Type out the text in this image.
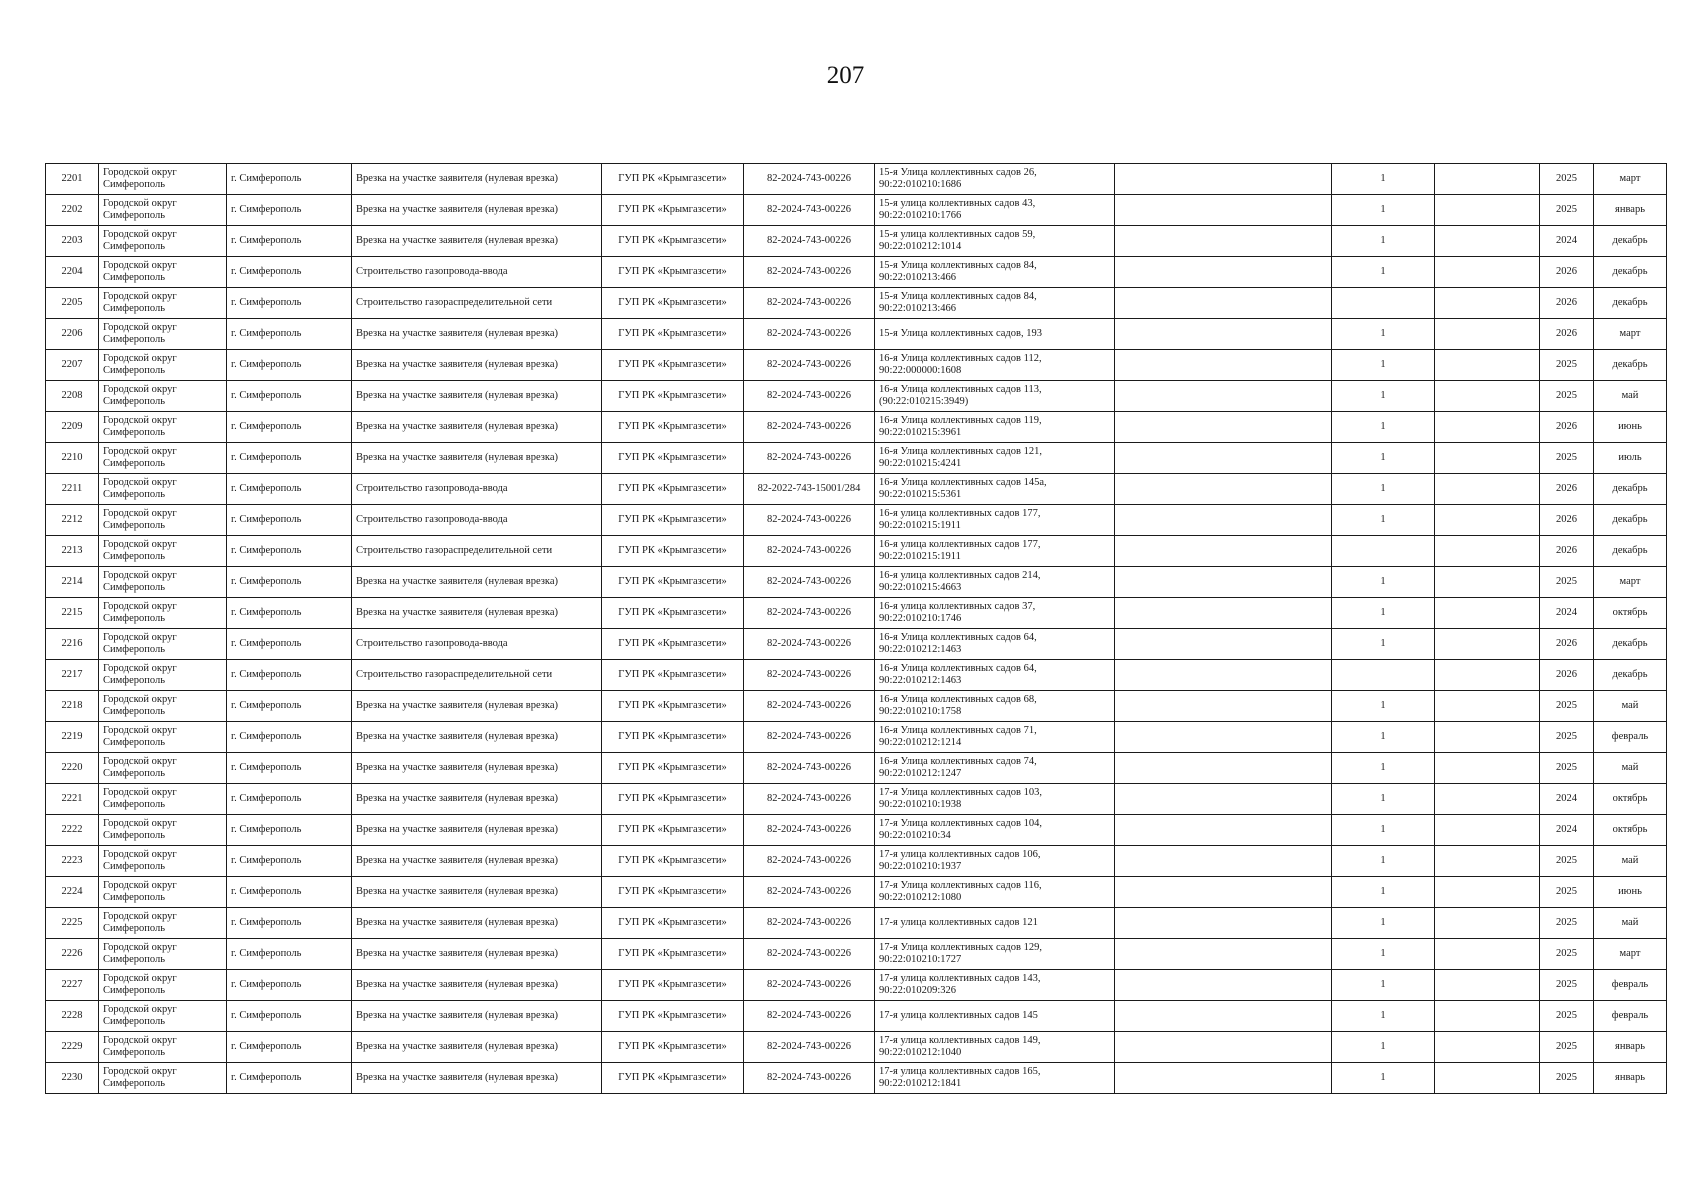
207
2201	Городской округ Симферополь	г. Симферополь	Врезка на участке заявителя (нулевая врезка)	ГУП РК «Крымгазсети»	82-2024-743-00226	15-я Улица коллективных садов 26, 90:22:010210:1686		1		2025	март
2202	Городской округ Симферополь	г. Симферополь	Врезка на участке заявителя (нулевая врезка)	ГУП РК «Крымгазсети»	82-2024-743-00226	15-я улица коллективных садов 43, 90:22:010210:1766		1		2025	январь
2203	Городской округ Симферополь	г. Симферополь	Врезка на участке заявителя (нулевая врезка)	ГУП РК «Крымгазсети»	82-2024-743-00226	15-я улица коллективных садов 59, 90:22:010212:1014		1		2024	декабрь
2204	Городской округ Симферополь	г. Симферополь	Строительство газопровода-ввода	ГУП РК «Крымгазсети»	82-2024-743-00226	15-я Улица коллективных садов 84, 90:22:010213:466		1		2026	декабрь
2205	Городской округ Симферополь	г. Симферополь	Строительство газораспределительной сети	ГУП РК «Крымгазсети»	82-2024-743-00226	15-я Улица коллективных садов 84, 90:22:010213:466				2026	декабрь
2206	Городской округ Симферополь	г. Симферополь	Врезка на участке заявителя (нулевая врезка)	ГУП РК «Крымгазсети»	82-2024-743-00226	15-я Улица коллективных садов, 193		1		2026	март
2207	Городской округ Симферополь	г. Симферополь	Врезка на участке заявителя (нулевая врезка)	ГУП РК «Крымгазсети»	82-2024-743-00226	16-я Улица коллективных садов 112, 90:22:000000:1608		1		2025	декабрь
2208	Городской округ Симферополь	г. Симферополь	Врезка на участке заявителя (нулевая врезка)	ГУП РК «Крымгазсети»	82-2024-743-00226	16-я Улица коллективных садов 113, (90:22:010215:3949)		1		2025	май
2209	Городской округ Симферополь	г. Симферополь	Врезка на участке заявителя (нулевая врезка)	ГУП РК «Крымгазсети»	82-2024-743-00226	16-я Улица коллективных садов 119, 90:22:010215:3961		1		2026	июнь
2210	Городской округ Симферополь	г. Симферополь	Врезка на участке заявителя (нулевая врезка)	ГУП РК «Крымгазсети»	82-2024-743-00226	16-я Улица коллективных садов 121, 90:22:010215:4241		1		2025	июль
2211	Городской округ Симферополь	г. Симферополь	Строительство газопровода-ввода	ГУП РК «Крымгазсети»	82-2022-743-15001/284	16-я Улица коллективных садов 145а, 90:22:010215:5361		1		2026	декабрь
2212	Городской округ Симферополь	г. Симферополь	Строительство газопровода-ввода	ГУП РК «Крымгазсети»	82-2024-743-00226	16-я улица коллективных садов 177, 90:22:010215:1911		1		2026	декабрь
2213	Городской округ Симферополь	г. Симферополь	Строительство газораспределительной сети	ГУП РК «Крымгазсети»	82-2024-743-00226	16-я улица коллективных садов 177, 90:22:010215:1911				2026	декабрь
2214	Городской округ Симферополь	г. Симферополь	Врезка на участке заявителя (нулевая врезка)	ГУП РК «Крымгазсети»	82-2024-743-00226	16-я улица коллективных садов 214, 90:22:010215:4663		1		2025	март
2215	Городской округ Симферополь	г. Симферополь	Врезка на участке заявителя (нулевая врезка)	ГУП РК «Крымгазсети»	82-2024-743-00226	16-я улица коллективных садов 37, 90:22:010210:1746		1		2024	октябрь
2216	Городской округ Симферополь	г. Симферополь	Строительство газопровода-ввода	ГУП РК «Крымгазсети»	82-2024-743-00226	16-я Улица коллективных садов 64, 90:22:010212:1463		1		2026	декабрь
2217	Городской округ Симферополь	г. Симферополь	Строительство газораспределительной сети	ГУП РК «Крымгазсети»	82-2024-743-00226	16-я Улица коллективных садов 64, 90:22:010212:1463				2026	декабрь
2218	Городской округ Симферополь	г. Симферополь	Врезка на участке заявителя (нулевая врезка)	ГУП РК «Крымгазсети»	82-2024-743-00226	16-я Улица коллективных садов 68, 90:22:010210:1758		1		2025	май
2219	Городской округ Симферополь	г. Симферополь	Врезка на участке заявителя (нулевая врезка)	ГУП РК «Крымгазсети»	82-2024-743-00226	16-я Улица коллективных садов 71, 90:22:010212:1214		1		2025	февраль
2220	Городской округ Симферополь	г. Симферополь	Врезка на участке заявителя (нулевая врезка)	ГУП РК «Крымгазсети»	82-2024-743-00226	16-я Улица коллективных садов 74, 90:22:010212:1247		1		2025	май
2221	Городской округ Симферополь	г. Симферополь	Врезка на участке заявителя (нулевая врезка)	ГУП РК «Крымгазсети»	82-2024-743-00226	17-я Улица коллективных садов 103, 90:22:010210:1938		1		2024	октябрь
2222	Городской округ Симферополь	г. Симферополь	Врезка на участке заявителя (нулевая врезка)	ГУП РК «Крымгазсети»	82-2024-743-00226	17-я Улица коллективных садов 104, 90:22:010210:34		1		2024	октябрь
2223	Городской округ Симферополь	г. Симферополь	Врезка на участке заявителя (нулевая врезка)	ГУП РК «Крымгазсети»	82-2024-743-00226	17-я улица коллективных садов 106, 90:22:010210:1937		1		2025	май
2224	Городской округ Симферополь	г. Симферополь	Врезка на участке заявителя (нулевая врезка)	ГУП РК «Крымгазсети»	82-2024-743-00226	17-я Улица коллективных садов 116, 90:22:010212:1080		1		2025	июнь
2225	Городской округ Симферополь	г. Симферополь	Врезка на участке заявителя (нулевая врезка)	ГУП РК «Крымгазсети»	82-2024-743-00226	17-я улица коллективных садов 121		1		2025	май
2226	Городской округ Симферополь	г. Симферополь	Врезка на участке заявителя (нулевая врезка)	ГУП РК «Крымгазсети»	82-2024-743-00226	17-я Улица коллективных садов 129, 90:22:010210:1727		1		2025	март
2227	Городской округ Симферополь	г. Симферополь	Врезка на участке заявителя (нулевая врезка)	ГУП РК «Крымгазсети»	82-2024-743-00226	17-я улица коллективных садов 143, 90:22:010209:326		1		2025	февраль
2228	Городской округ Симферополь	г. Симферополь	Врезка на участке заявителя (нулевая врезка)	ГУП РК «Крымгазсети»	82-2024-743-00226	17-я улица коллективных садов 145		1		2025	февраль
2229	Городской округ Симферополь	г. Симферополь	Врезка на участке заявителя (нулевая врезка)	ГУП РК «Крымгазсети»	82-2024-743-00226	17-я улица коллективных садов 149, 90:22:010212:1040		1		2025	январь
2230	Городской округ Симферополь	г. Симферополь	Врезка на участке заявителя (нулевая врезка)	ГУП РК «Крымгазсети»	82-2024-743-00226	17-я улица коллективных садов 165, 90:22:010212:1841		1		2025	январь
